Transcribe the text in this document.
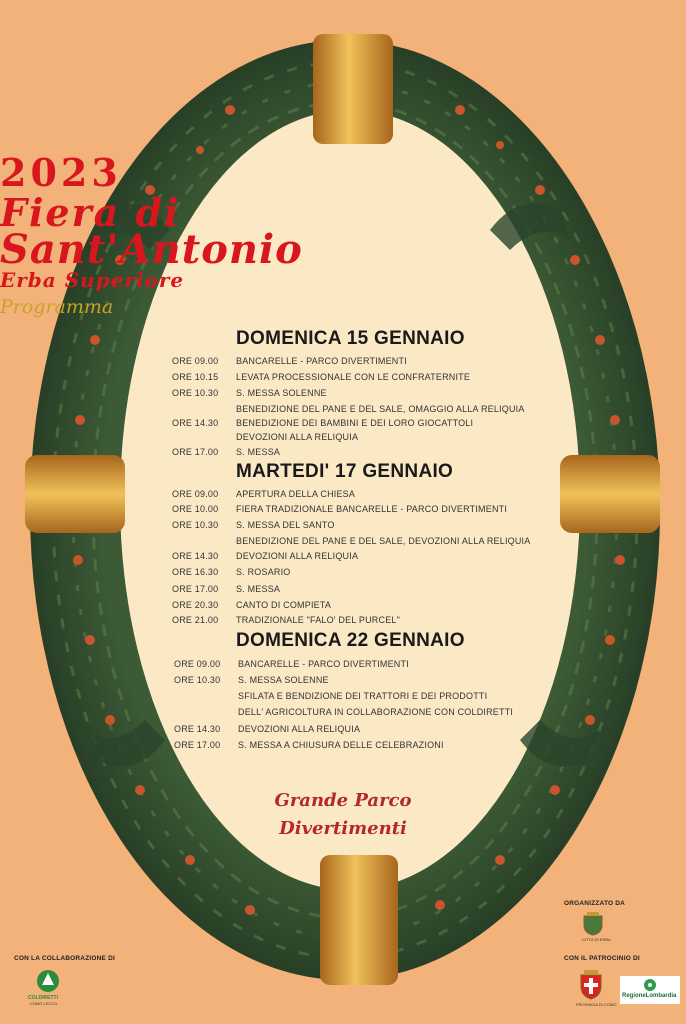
2023
Fiera di
Sant'Antonio
Erba Superiore
Programma
DOMENICA 15 GENNAIO
ORE 09.00 BANCARELLE - PARCO DIVERTIMENTI
ORE 10.15 LEVATA PROCESSIONALE CON LE CONFRATERNITE
ORE 10.30 S. MESSA SOLENNE
BENEDIZIONE DEL PANE E DEL SALE, OMAGGIO ALLA RELIQUIA
ORE 14.30 BENEDIZIONE DEI BAMBINI E DEI LORO GIOCATTOLI
DEVOZIONI ALLA RELIQUIA
ORE 17.00 S. MESSA
MARTEDI' 17 GENNAIO
ORE 09.00 APERTURA DELLA CHIESA
ORE 10.00 FIERA TRADIZIONALE BANCARELLE - PARCO DIVERTIMENTI
ORE 10.30 S. MESSA DEL SANTO
BENEDIZIONE DEL PANE E DEL SALE, DEVOZIONI ALLA RELIQUIA
ORE 14.30 DEVOZIONI ALLA RELIQUIA
ORE 16.30 S. ROSARIO
ORE 17.00 S. MESSA
ORE 20.30 CANTO DI COMPIETA
ORE 21.00 TRADIZIONALE "FALO' DEL PURCEL"
DOMENICA 22 GENNAIO
ORE 09.00 BANCARELLE - PARCO DIVERTIMENTI
ORE 10.30 S. MESSA SOLENNE
SFILATA E BENDIZIONE DEI TRATTORI E DEI PRODOTTI
DELL' AGRICOLTURA IN COLLABORAZIONE CON COLDIRETTI
ORE 14.30 DEVOZIONI ALLA RELIQUIA
ORE 17.00 S. MESSA A CHIUSURA DELLE CELEBRAZIONI
Grande Parco
Divertimenti
CON LA COLLABORAZIONE DI
COLDIRETTI
COMO LECCO
ORGANIZZATO DA
CITTÀ DI ERBA
CON IL PATROCINIO DI
PROVINCIA DI COMO
RegioneLombardia
